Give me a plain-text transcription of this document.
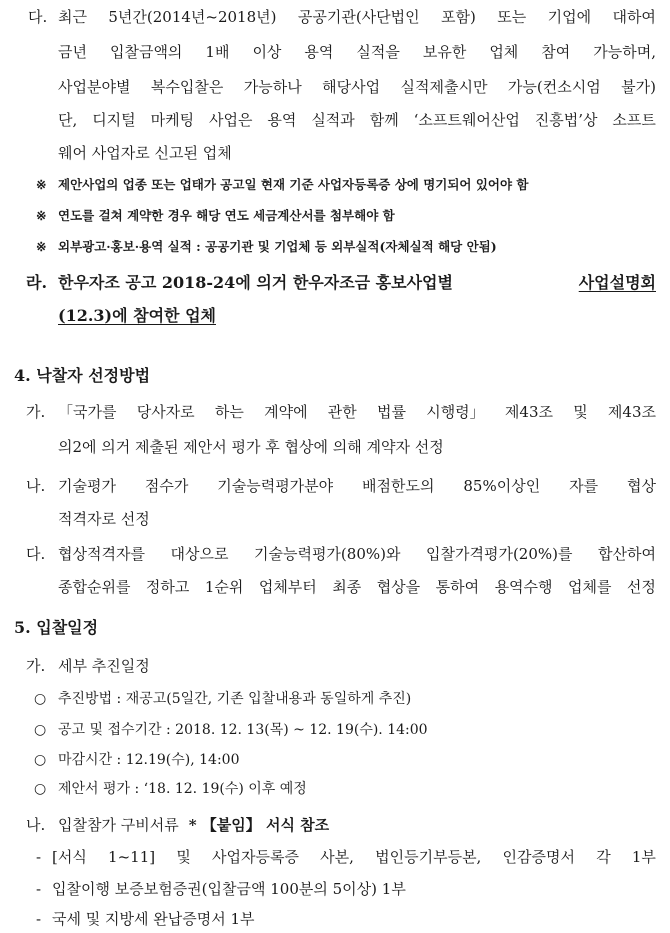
다. 최근 5년간(2014년~2018년) 공공기관(사단법인 포함) 또는 기업에 대하여
금년 입찰금액의 1배 이상 용역 실적을 보유한 업체 참여 가능하며,
사업분야별 복수입찰은 가능하나 해당사업 실적제출시만 가능(컨소시엄 불가)
단, 디지털 마케팅 사업은 용역 실적과 함께 ‘소프트웨어산업 진흥법’상 소프트
웨어 사업자로 신고된 업체
※ 제안사업의 업종 또는 업태가 공고일 현재 기준 사업자등록증 상에 명기되어 있어야 함
※ 연도를 걸쳐 계약한 경우 해당 연도 세금계산서를 첨부해야 함
※ 외부광고·홍보·용역 실적 : 공공기관 및 기업체 등 외부실적(자체실적 해당 안됨)
라. 한우자조 공고 2018-24에 의거 한우자조금 홍보사업별	사업설명회
(12.3)에 참여한 업체
4. 낙찰자 선정방법
가. 「국가를 당사자로 하는 계약에 관한 법률 시행령」 제43조 및 제43조
의2에 의거 제출된 제안서 평가 후 협상에 의해 계약자 선정
나. 기술평가 점수가 기술능력평가분야 배점한도의 85%이상인 자를 협상
적격자로 선정
다. 협상적격자를 대상으로 기술능력평가(80%)와 입찰가격평가(20%)를 합산하여
종합순위를 정하고 1순위 업체부터 최종 협상을 통하여 용역수행 업체를 선정
5. 입찰일정
가. 세부 추진일정
○ 추진방법 : 재공고(5일간, 기존 입찰내용과 동일하게 추진)
○ 공고 및 접수기간 : 2018. 12. 13(목) ~ 12. 19(수). 14:00
○ 마감시간 : 12.19(수), 14:00
○ 제안서 평가 : ‘18. 12. 19(수) 이후 예정
나. 입찰참가 구비서류 * 【붙임】 서식 참조
- [서식 1~11] 및 사업자등록증 사본, 법인등기부등본, 인감증명서 각 1부
- 입찰이행 보증보험증권(입찰금액 100분의 5이상) 1부
- 국세 및 지방세 완납증명서 1부
